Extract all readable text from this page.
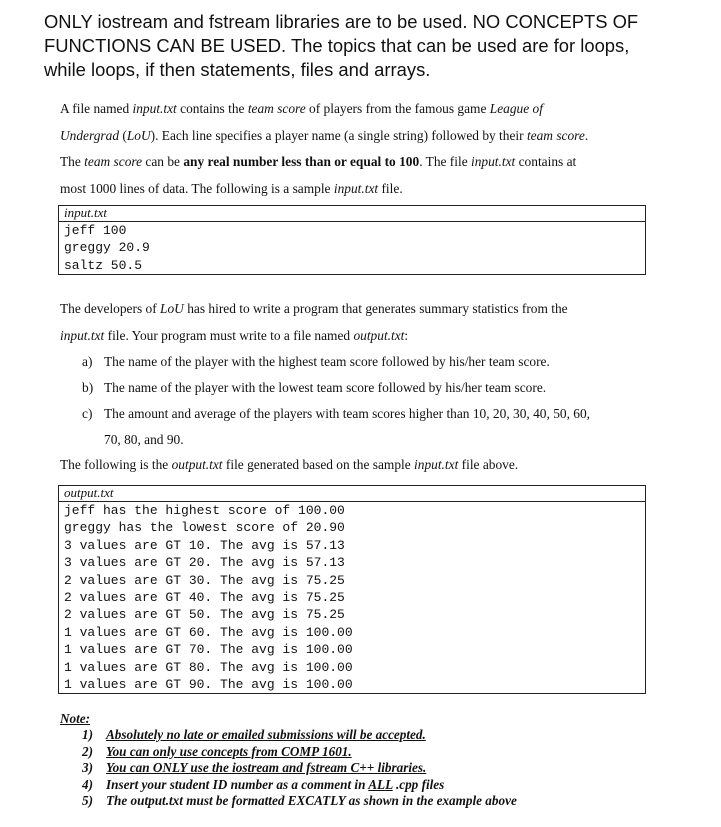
ONLY iostream and fstream libraries are to be used. NO CONCEPTS OF
FUNCTIONS CAN BE USED. The topics that can be used are for loops,
while loops, if then statements, files and arrays.
A file named input.txt contains the team score of players from the famous game League of
Undergrad (LoU). Each line specifies a player name (a single string) followed by their team score.
The team score can be any real number less than or equal to 100. The file input.txt contains at
most 1000 lines of data. The following is a sample input.txt file.
input.txt
jeff 100
greggy 20.9
saltz 50.5
The developers of LoU has hired to write a program that generates summary statistics from the
input.txt file. Your program must write to a file named output.txt:
a) The name of the player with the highest team score followed by his/her team score.
b) The name of the player with the lowest team score followed by his/her team score.
c) The amount and average of the players with team scores higher than 10, 20, 30, 40, 50, 60,
70, 80, and 90.
The following is the output.txt file generated based on the sample input.txt file above.
output.txt
jeff has the highest score of 100.00
greggy has the lowest score of 20.90
3 values are GT 10. The avg is 57.13
3 values are GT 20. The avg is 57.13
2 values are GT 30. The avg is 75.25
2 values are GT 40. The avg is 75.25
2 values are GT 50. The avg is 75.25
1 values are GT 60. The avg is 100.00
1 values are GT 70. The avg is 100.00
1 values are GT 80. The avg is 100.00
1 values are GT 90. The avg is 100.00
Note:
1) Absolutely no late or emailed submissions will be accepted.
2) You can only use concepts from COMP 1601.
3) You can ONLY use the iostream and fstream C++ libraries.
4) Insert your student ID number as a comment in ALL .cpp files
5) The output.txt must be formatted EXCATLY as shown in the example above
